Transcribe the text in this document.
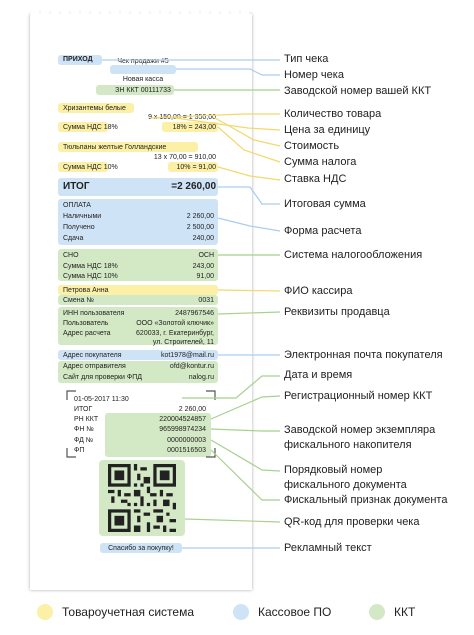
ПРИХОД	Чек продажи #5
Новая касса
ЗН ККТ 00111733
Хризантемы белые
9 х 150,00 = 1 350,00
Сумма НДС 18%	18% = 243,00
Тюльпаны желтые Голландские
13 х 70,00 = 910,00
Сумма НДС 10%	10% = 91,00
ИТОГ	=2 260,00
ОПЛАТА
Наличными	2 260,00
Получено	2 500,00
Сдача	240,00
СНО	ОСН
Сумма НДС 18%	243,00
Сумма НДС 10%	91,00
Петрова Анна
Смена №	0031
ИНН пользователя	2487967546
Пользователь	ООО «Золотой ключик»
Адрес расчета	620033, г. Екатеринбург,
ул. Строителей, 11
Адрес покупателя	kot1978@mail.ru
Адрес отправителя	ofd@kontur.ru
Сайт для проверки ФПД	nalog.ru
01-05-2017 11:30
ИТОГ	2 260,00
РН ККТ	220004524857
ФН №	965998974234
ФД №	0000000003
ФП	0001516503
Спасибо за покупку!
Тип чека
Номер чека
Заводской номер вашей ККТ
Количество товара
Цена за единицу
Стоимость
Сумма налога
Ставка НДС
Итоговая сумма
Форма расчета
Система налогообложения
ФИО кассира
Реквизиты продавца
Электронная почта покупателя
Дата и время
Регистрационный номер ККТ
Заводской номер экземпляра
фискального накопителя
Порядковый номер
фискального документа
Фискальный признак документа
QR-код для проверки чека
Рекламный текст
Товароучетная система	Кассовое ПО	ККТ
